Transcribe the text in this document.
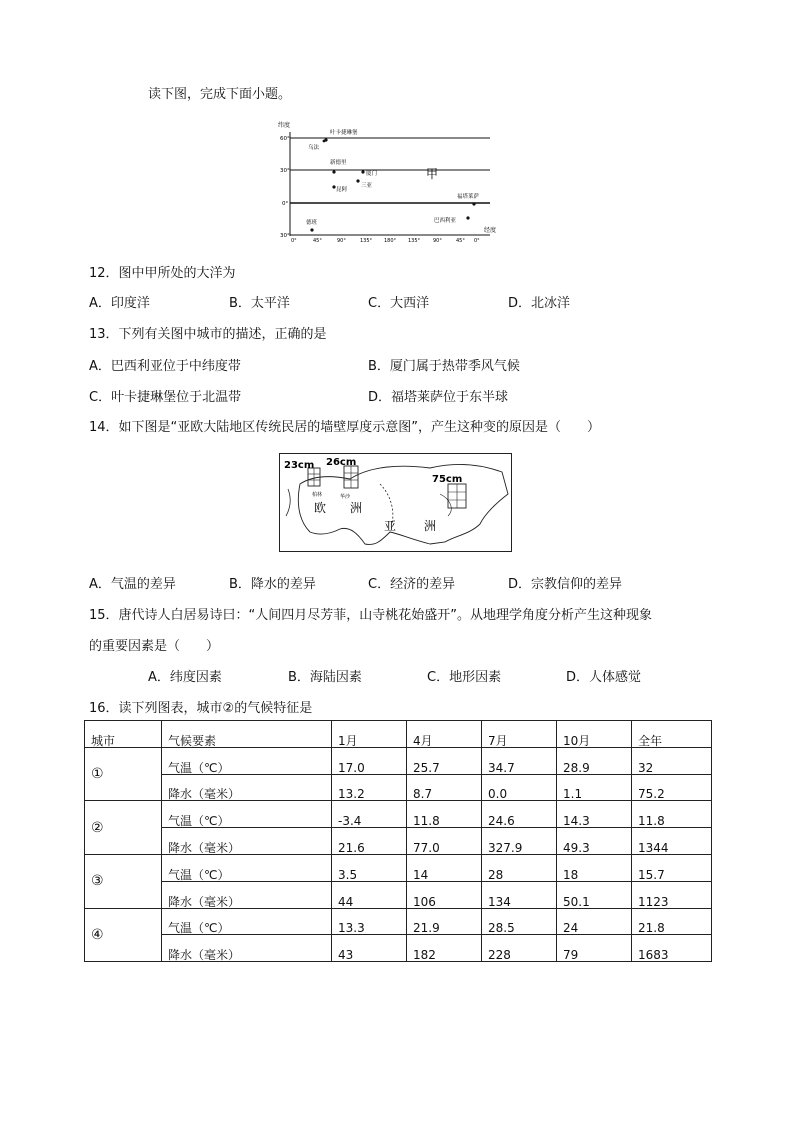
读下图，完成下面小题。
纬度
60°
30°
0°
30°
0°	45°	90°	135° 180° 135°	90°	45° 0°
经度
叶卡捷琳堡
乌法
新德里
厦门
三亚
昆阿
福塔莱萨
巴西利亚
德班
甲
12．图中甲所处的大洋为
A．印度洋	B．太平洋	C．大西洋	D．北冰洋
13．下列有关图中城市的描述，正确的是
A．巴西利亚位于中纬度带	B．厦门属于热带季风气候
C．叶卡捷琳堡位于北温带	D．福塔莱萨位于东半球
14．如下图是“亚欧大陆地区传统民居的墙壁厚度示意图”，产生这种变的原因是（　　）
23cm 26cm
75cm
柏林	华沙
欧 洲
亚 洲
A．气温的差异	B．降水的差异	C．经济的差异	D．宗教信仰的差异
15．唐代诗人白居易诗曰：“人间四月尽芳菲，山寺桃花始盛开”。从地理学角度分析产生这种现象
的重要因素是（　　）
A．纬度因素	B．海陆因素	C．地形因素	D．人体感觉
16．读下列图表，城市②的气候特征是
城市	气候要素	1月	4月	7月	10月	全年
①	气温（℃）	17.0	25.7	34.7	28.9	32
	降水（毫米）	13.2	8.7	0.0	1.1	75.2
②	气温（℃）	-3.4	11.8	24.6	14.3	11.8
	降水（毫米）	21.6	77.0	327.9	49.3	1344
③	气温（℃）	3.5	14	28	18	15.7
	降水（毫米）	44	106	134	50.1	1123
④	气温（℃）	13.3	21.9	28.5	24	21.8
	降水（毫米）	43	182	228	79	1683
